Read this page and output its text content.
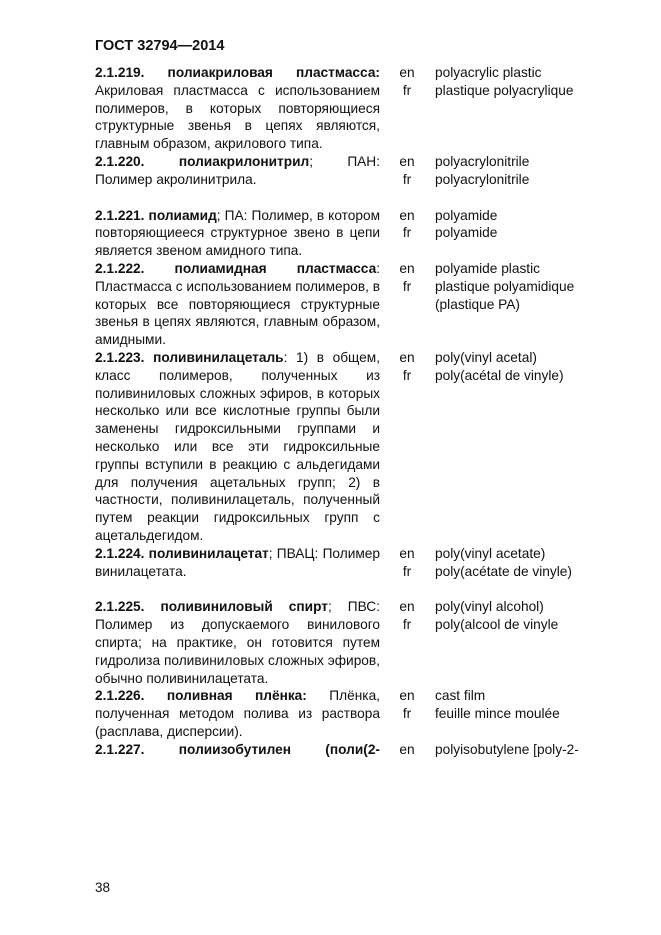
ГОСТ 32794—2014
2.1.219. полиакриловая пластмасса: Акриловая пластмасса с использованием полимеров, в которых повторяющиеся структурные звенья в цепях являются, главным образом, акрилового типа.
en
fr
polyacrylic plastic
plastique polyacrylique
2.1.220. полиакрилонитрил; ПАН: Полимер акролинитрила.
en
fr
polyacrylonitrile
polyacrylonitrile
2.1.221. полиамид; ПА: Полимер, в котором повторяющиееся структурное звено в цепи является звеном амидного типа.
en
fr
polyamide
polyamide
2.1.222. полиамидная пластмасса: Пластмасса с использованием полимеров, в которых все повторяющиеся структурные звенья в цепях являются, главным образом, амидными.
en
fr
polyamide plastic
plastique polyamidique (plastique PA)
2.1.223. поливинилацеталь: 1) в общем, класс полимеров, полученных из поливиниловых сложных эфиров, в которых несколько или все кислотные группы были заменены гидроксильными группами и несколько или все эти гидроксильные группы вступили в реакцию с альдегидами для получения ацетальных групп; 2) в частности, поливинилацеталь, полученный путем реакции гидроксильных групп с ацетальдегидом.
en
fr
poly(vinyl acetal)
poly(acétal de vinyle)
2.1.224. поливинилацетат; ПВАЦ: Полимер винилацетата.
en
fr
poly(vinyl acetate)
poly(acétate de vinyle)
2.1.225. поливиниловый спирт; ПВС: Полимер из допускаемого винилового спирта; на практике, он готовится путем гидролиза поливиниловых сложных эфиров, обычно поливинилацетата.
en
fr
poly(vinyl alcohol)
poly(alcool de vinyle
2.1.226. поливная плёнка: Плёнка, полученная методом полива из раствора (расплава, дисперсии).
en
fr
cast film
feuille mince moulée
2.1.227. полиизобутилен (поли(2- en polyisobutylene [poly-2-
38
